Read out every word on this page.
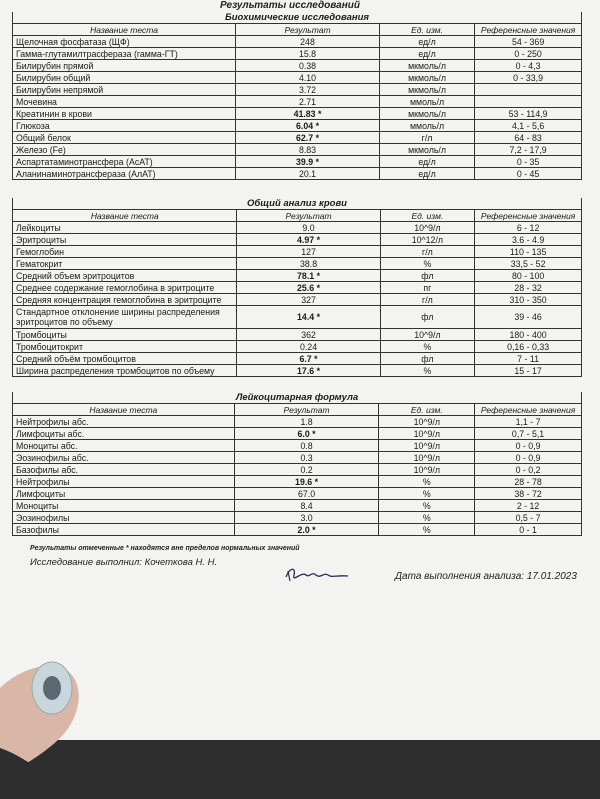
Результаты исследований
Биохимические исследования			
Название теста	Результат	Ед. изм.	Референсные значения
Щелочная фосфатаза (ЩФ)	248	ед/л	54 - 369
Гамма-глутамилтрасфераза (гамма-ГТ)	15.8	ед/л	0 - 250
Билирубин прямой	0.38	мкмоль/л	0 - 4,3
Билирубин общий	4.10	мкмоль/л	0 - 33,9
Билирубин непрямой	3.72	мкмоль/л	
Мочевина	2.71	ммоль/л	
Креатинин в крови	41.83 *	мкмоль/л	53 - 114,9
Глюкоза	6.04 *	ммоль/л	4,1 - 5,6
Общий белок	62.7 *	г/л	64 - 83
Железо (Fe)	8.83	мкмоль/л	7,2 - 17,9
Аспартатаминотрансфера (АсАТ)	39.9 *	ед/л	0 - 35
Аланинаминотрансфераза (АлАТ)	20.1	ед/л	0 - 45
Общий анализ крови			
Название теста	Результат	Ед. изм.	Референсные значения
Лейкоциты	9.0	10^9/л	6 - 12
Эритроциты	4.97 *	10^12/л	3.6 - 4.9
Гемоглобин	127	г/л	110 - 135
Гематокрит	38.8	%	33,5 - 52
Средний объем эритроцитов	78.1 *	фл	80 - 100
Среднее содержание гемоглобина в эритроците	25.6 *	пг	28 - 32
Средняя концентрация гемоглобина в эритроците	327	г/л	310 - 350
Стандартное отклонение ширины распределения эритроцитов по объему	14.4 *	фл	39 - 46
Тромбоциты	362	10^9/л	180 - 400
Тромбоцитокрит	0.24	%	0,16 - 0,33
Средний объём тромбоцитов	6.7 *	фл	7 - 11
Ширина распределения тромбоцитов по объему	17.6 *	%	15 - 17
Лейкоцитарная формула			
Название теста	Результат	Ед. изм.	Референсные значения
Нейтрофилы абс.	1.8	10^9/л	1,1 - 7
Лимфоциты абс.	6.0 *	10^9/л	0,7 - 5,1
Моноциты абс.	0.8	10^9/л	0 - 0,9
Эозинофилы абс.	0.3	10^9/л	0 - 0,9
Базофилы абс.	0.2	10^9/л	0 - 0,2
Нейтрофилы	19.6 *	%	28 - 78
Лимфоциты	67.0	%	38 - 72
Моноциты	8.4	%	2 - 12
Эозинофилы	3.0	%	0,5 - 7
Базофилы	2.0 *	%	0 - 1
Результаты отмеченные * находятся вне пределов нормальных значений
Исследование выполнил: Кочеткова Н. Н.
Дата выполнения анализа: 17.01.2023
